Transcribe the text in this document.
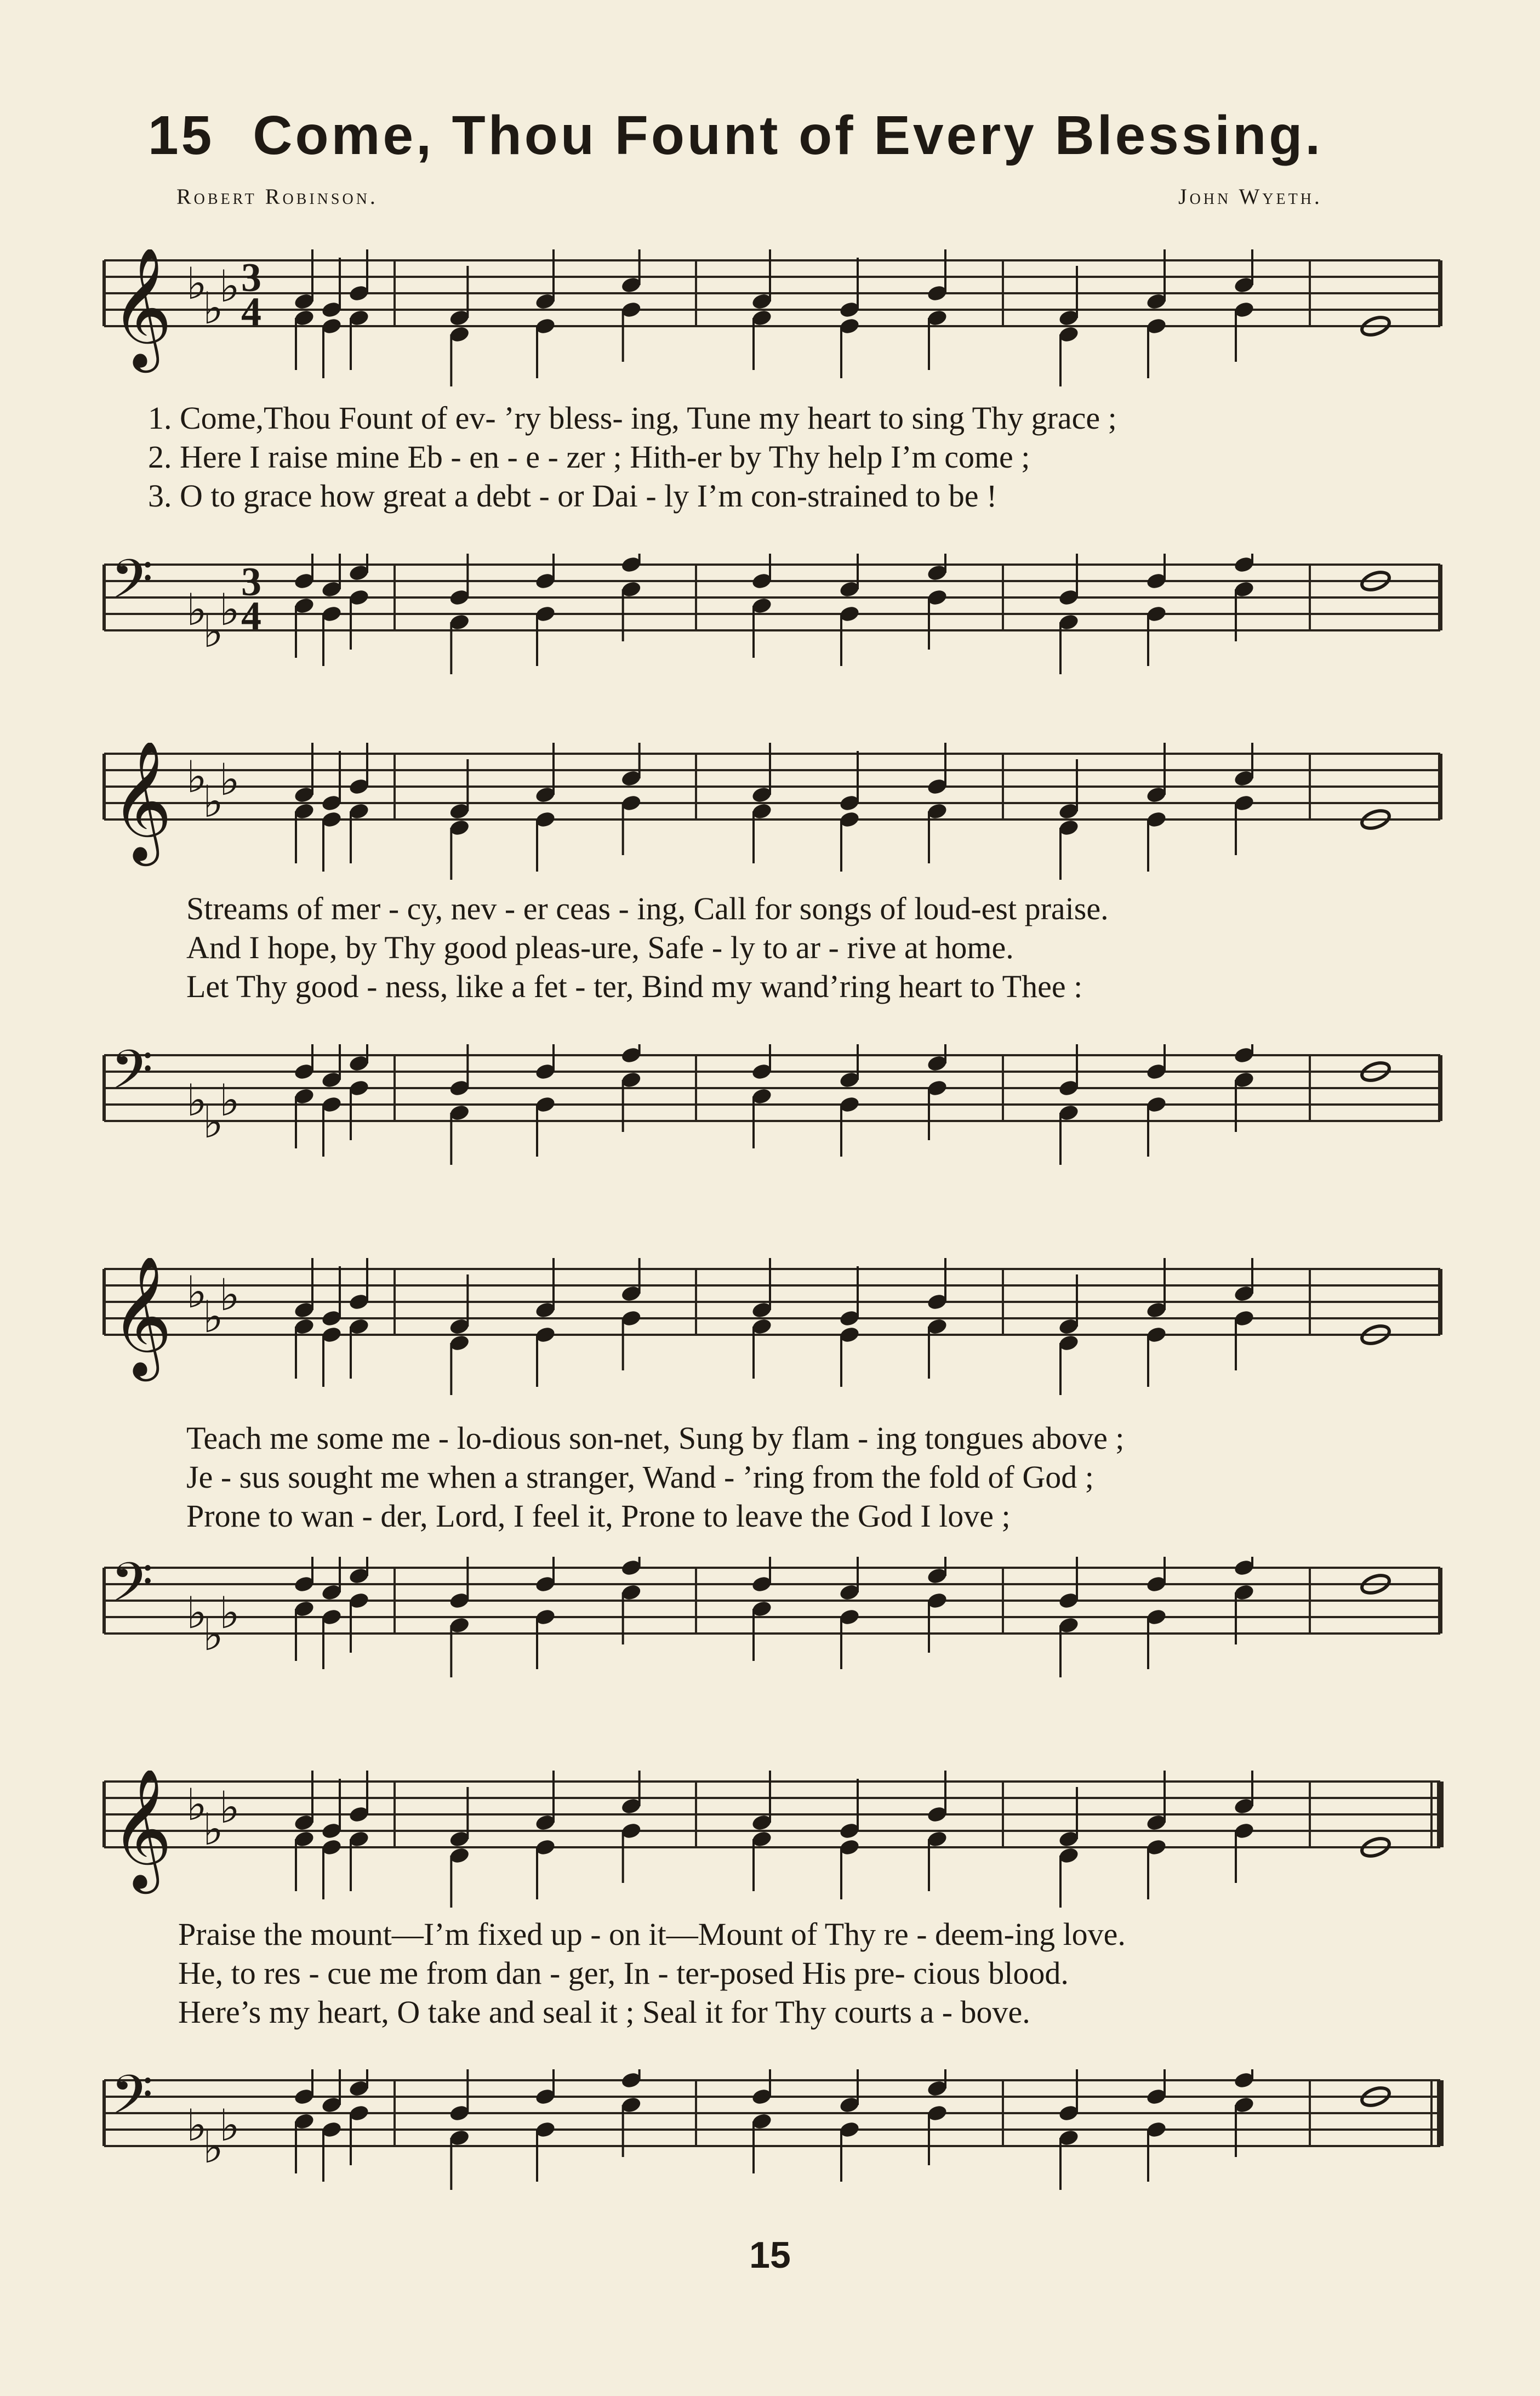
15 Come, Thou Fount of Every Blessing.
Robert Robinson.	John Wyeth.
𝄞 ♭
♭
♭ 3
4
1. Come,Thou Fount of ev- ’ry bless- ing, Tune my heart to sing Thy grace ;
2. Here I raise mine Eb - en - e - zer ; Hith-er by Thy help I’m come ;
3. O to grace how great a debt - or Dai - ly I’m con-strained to be !
𝄢 ♭
♭
♭
3
4
𝄞 ♭
♭
♭
Streams of mer - cy, nev - er ceas - ing, Call for songs of loud-est praise.
And I hope, by Thy good pleas-ure, Safe - ly to ar - rive at home.
Let Thy good - ness, like a fet - ter, Bind my wand’ring heart to Thee :
𝄢 ♭
♭
♭
𝄞 ♭
♭
♭
Teach me some me - lo-dious son-net, Sung by flam - ing tongues above ;
Je - sus sought me when a stranger, Wand - ’ring from the fold of God ;
Prone to wan - der, Lord, I feel it, Prone to leave the God I love ;
𝄢 ♭
♭
♭
𝄞 ♭
♭
♭
Praise the mount—I’m fixed up - on it—Mount of Thy re - deem-ing love.
He, to res - cue me from dan - ger, In - ter-posed His pre- cious blood.
Here’s my heart, O take and seal it ; Seal it for Thy courts a - bove.
𝄢 ♭
♭
♭
15
